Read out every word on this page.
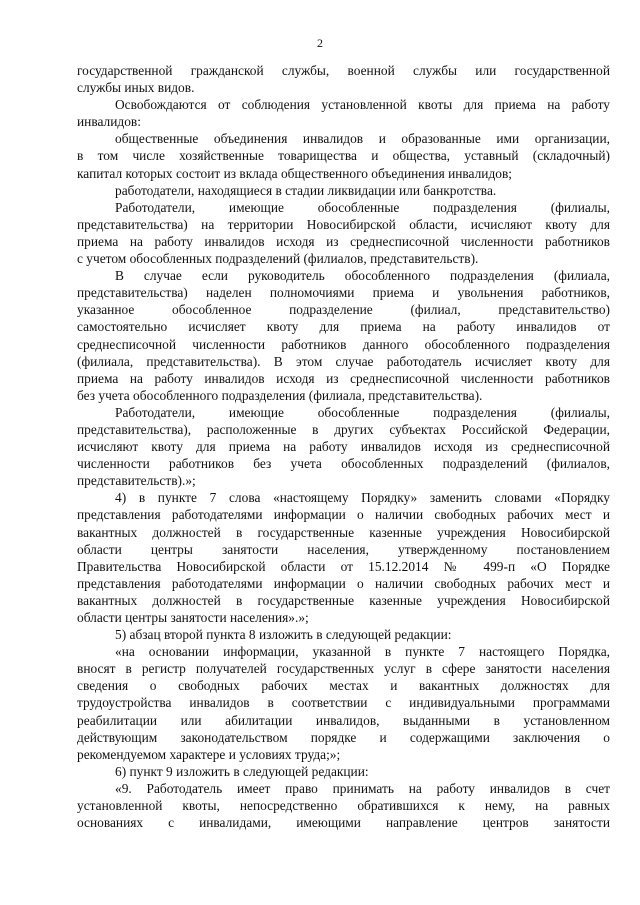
2
государственной гражданской службы, военной службы или государственной
службы иных видов.
Освобождаются от соблюдения установленной квоты для приема на работу
инвалидов:
общественные объединения инвалидов и образованные ими организации,
в том числе хозяйственные товарищества и общества, уставный (складочный)
капитал которых состоит из вклада общественного объединения инвалидов;
работодатели, находящиеся в стадии ликвидации или банкротства.
Работодатели, имеющие обособленные подразделения (филиалы,
представительства) на территории Новосибирской области, исчисляют квоту для
приема на работу инвалидов исходя из среднесписочной численности работников
с учетом обособленных подразделений (филиалов, представительств).
В случае если руководитель обособленного подразделения (филиала,
представительства) наделен полномочиями приема и увольнения работников,
указанное обособленное подразделение (филиал, представительство)
самостоятельно исчисляет квоту для приема на работу инвалидов от
среднесписочной численности работников данного обособленного подразделения
(филиала, представительства). В этом случае работодатель исчисляет квоту для
приема на работу инвалидов исходя из среднесписочной численности работников
без учета обособленного подразделения (филиала, представительства).
Работодатели, имеющие обособленные подразделения (филиалы,
представительства), расположенные в других субъектах Российской Федерации,
исчисляют квоту для приема на работу инвалидов исходя из среднесписочной
численности работников без учета обособленных подразделений (филиалов,
представительств).»;
4) в пункте 7 слова «настоящему Порядку» заменить словами «Порядку
представления работодателями информации о наличии свободных рабочих мест и
вакантных должностей в государственные казенные учреждения Новосибирской
области центры занятости населения, утвержденному постановлением
Правительства Новосибирской области от 15.12.2014 № 499-п «О Порядке
представления работодателями информации о наличии свободных рабочих мест и
вакантных должностей в государственные казенные учреждения Новосибирской
области центры занятости населения».»;
5) абзац второй пункта 8 изложить в следующей редакции:
«на основании информации, указанной в пункте 7 настоящего Порядка,
вносят в регистр получателей государственных услуг в сфере занятости населения
сведения о свободных рабочих местах и вакантных должностях для
трудоустройства инвалидов в соответствии с индивидуальными программами
реабилитации или абилитации инвалидов, выданными в установленном
действующим законодательством порядке и содержащими заключения о
рекомендуемом характере и условиях труда;»;
6) пункт 9 изложить в следующей редакции:
«9. Работодатель имеет право принимать на работу инвалидов в счет
установленной квоты, непосредственно обратившихся к нему, на равных
основаниях с инвалидами, имеющими направление центров занятости
